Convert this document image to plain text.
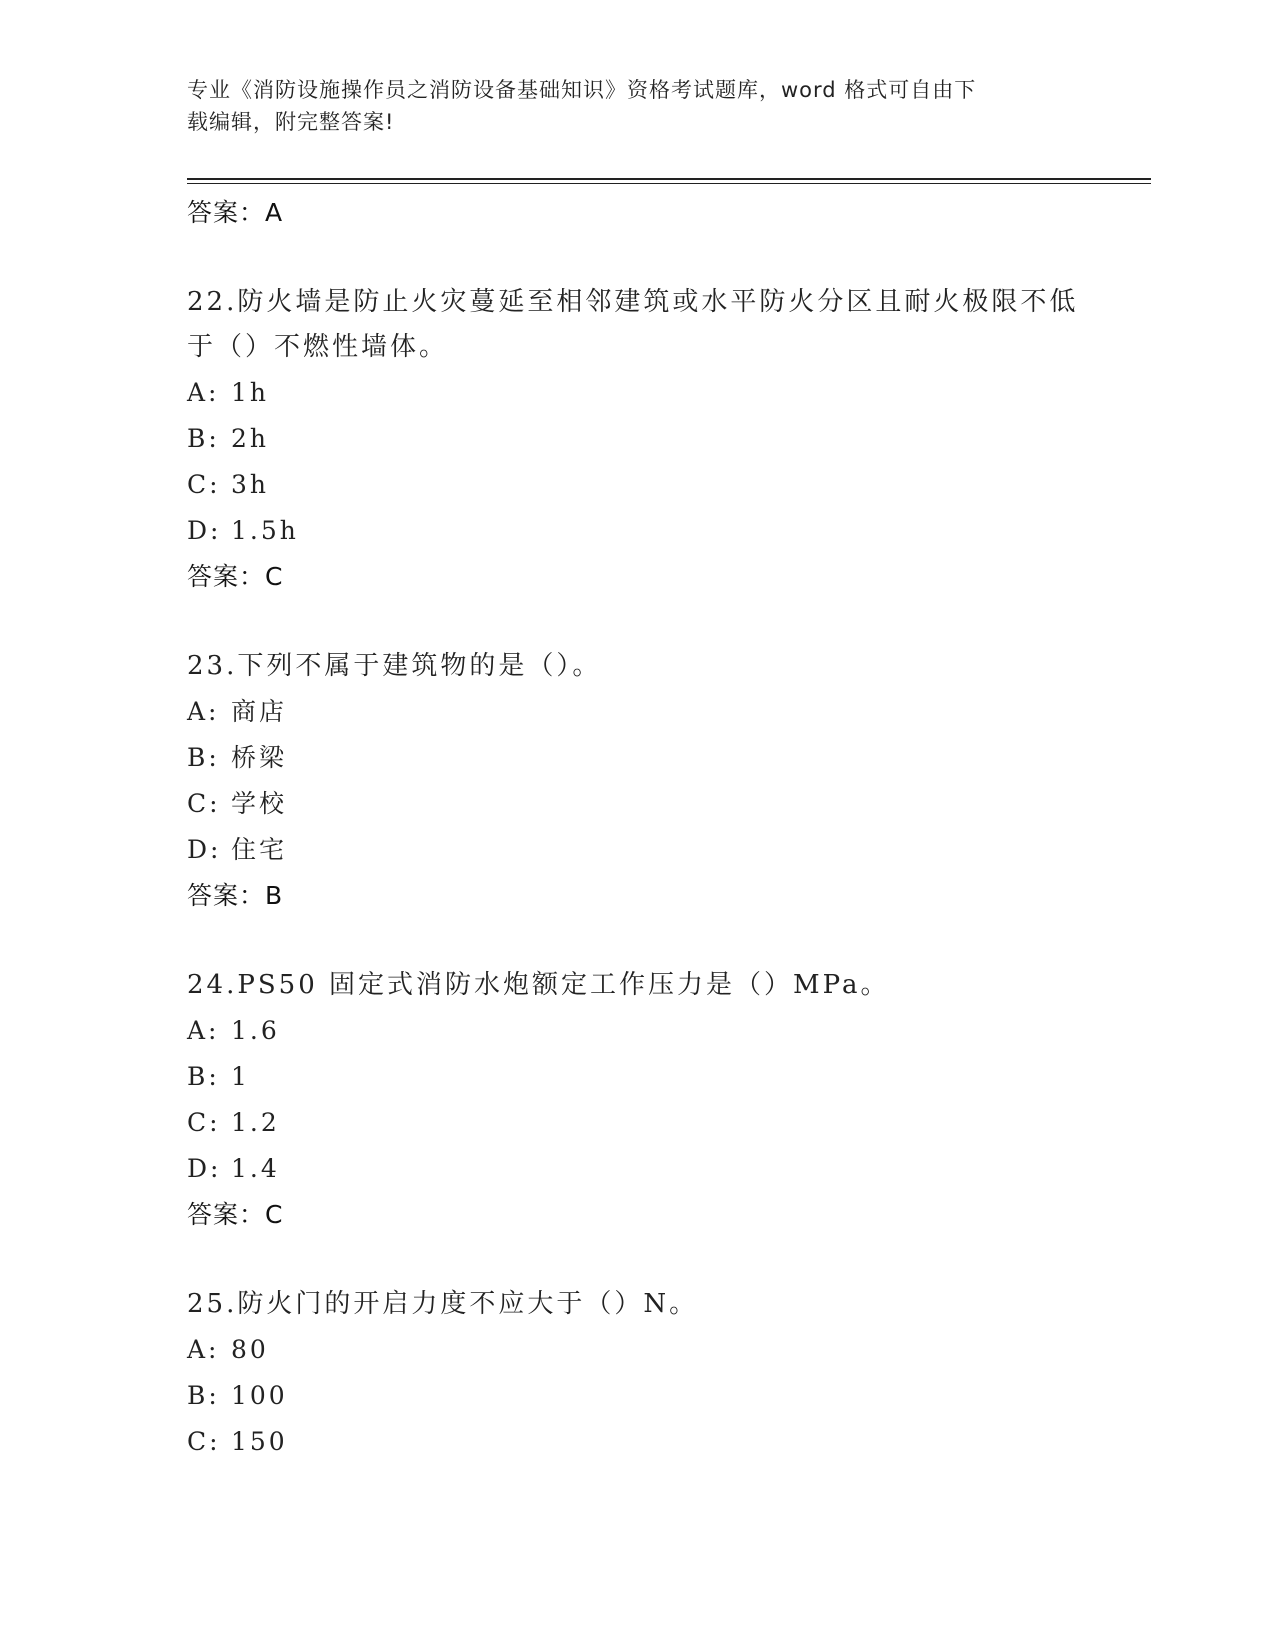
专业《消防设施操作员之消防设备基础知识》资格考试题库，word 格式可自由下
载编辑，附完整答案!
答案：A
22.防火墙是防止火灾蔓延至相邻建筑或水平防火分区且耐火极限不低
于（）不燃性墙体。
A: 1h
B: 2h
C: 3h
D: 1.5h
答案：C
23.下列不属于建筑物的是（）。
A: 商店
B: 桥梁
C: 学校
D: 住宅
答案：B
24.PS50 固定式消防水炮额定工作压力是（）MPa。
A: 1.6
B: 1
C: 1.2
D: 1.4
答案：C
25.防火门的开启力度不应大于（）N。
A: 80
B: 100
C: 150
